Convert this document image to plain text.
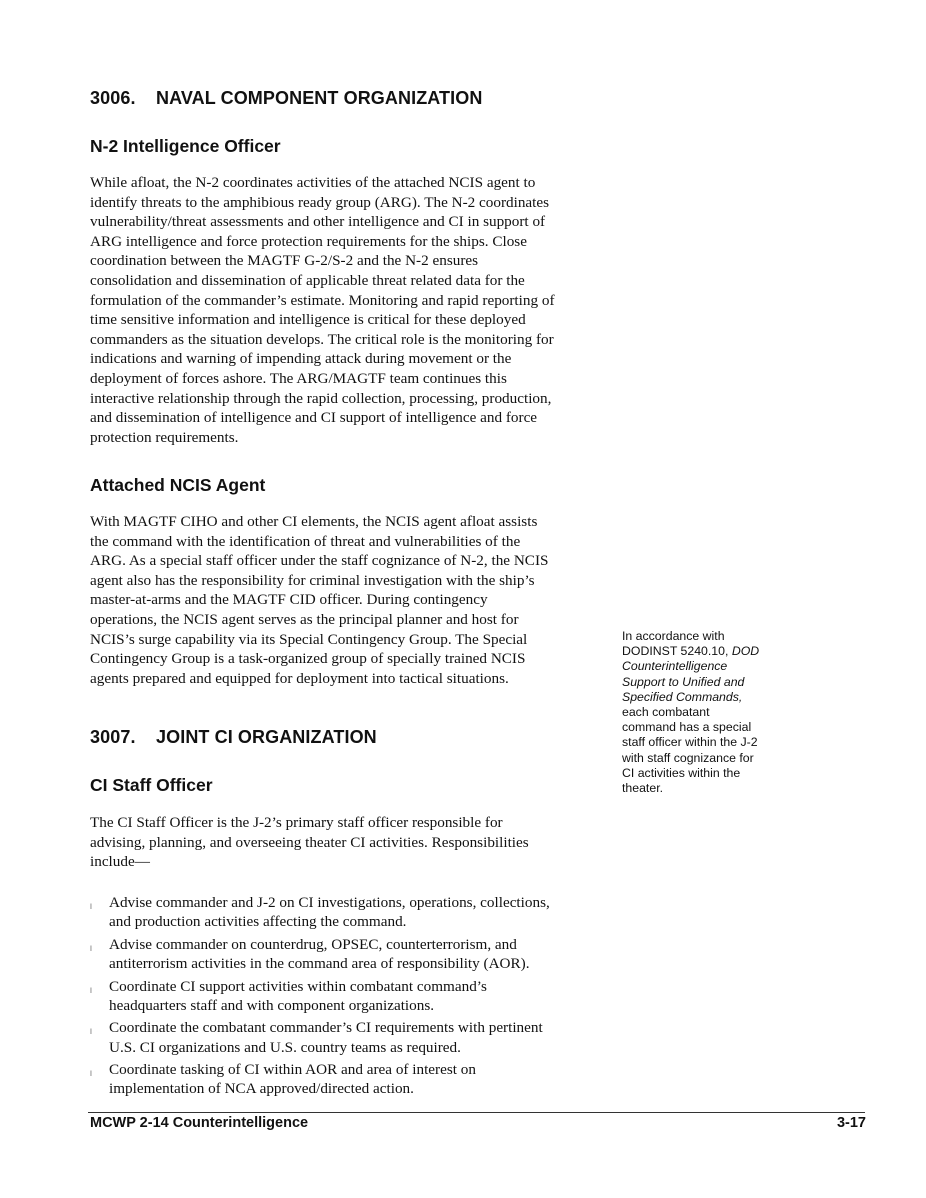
3006. NAVAL COMPONENT ORGANIZATION
N-2 Intelligence Officer

While afloat, the N-2 coordinates activities of the attached NCIS agent to
identify threats to the amphibious ready group (ARG). The N-2 coordinates
vulnerability/threat assessments and other intelligence and CI in support of
ARG intelligence and force protection requirements for the ships. Close
coordination between the MAGTF G-2/S-2 and the N-2 ensures
consolidation and dissemination of applicable threat related data for the
formulation of the commander’s estimate. Monitoring and rapid reporting of
time sensitive information and intelligence is critical for these deployed
commanders as the situation develops. The critical role is the monitoring for
indications and warning of impending attack during movement or the
deployment of forces ashore. The ARG/MAGTF team continues this
interactive relationship through the rapid collection, processing, production,
and dissemination of intelligence and CI support of intelligence and force
protection requirements.

Attached NCIS Agent

With MAGTF CIHO and other CI elements, the NCIS agent afloat assists
the command with the identification of threat and vulnerabilities of the
ARG. As a special staff officer under the staff cognizance of N-2, the NCIS
agent also has the responsibility for criminal investigation with the ship’s
master-at-arms and the MAGTF CID officer. During contingency
operations, the NCIS agent serves as the principal planner and host for
NCIS’s surge capability via its Special Contingency Group. The Special
Contingency Group is a task-organized group of specially trained NCIS
agents prepared and equipped for deployment into tactical situations.

3007. JOINT CI ORGANIZATION
CI Staff Officer

The CI Staff Officer is the J-2’s primary staff officer responsible for
advising, planning, and overseeing theater CI activities. Responsibilities
include—

l Advise commander and J-2 on CI investigations, operations, collections,
and production activities affecting the command.
l Advise commander on counterdrug, OPSEC, counterterrorism, and
antiterrorism activities in the command area of responsibility (AOR).
l Coordinate CI support activities within combatant command’s
headquarters staff and with component organizations.
l Coordinate the combatant commander’s CI requirements with pertinent
U.S. CI organizations and U.S. country teams as required.
l Coordinate tasking of CI within AOR and area of interest on
implementation of NCA approved/directed action.
In accordance with
DODINST 5240.10, DOD
Counterintelligence
Support to Unified and
Specified Commands,
each combatant
command has a special
staff officer within the J-2
with staff cognizance for
CI activities within the
theater.
MCWP 2-14 Counterintelligence	3-17
